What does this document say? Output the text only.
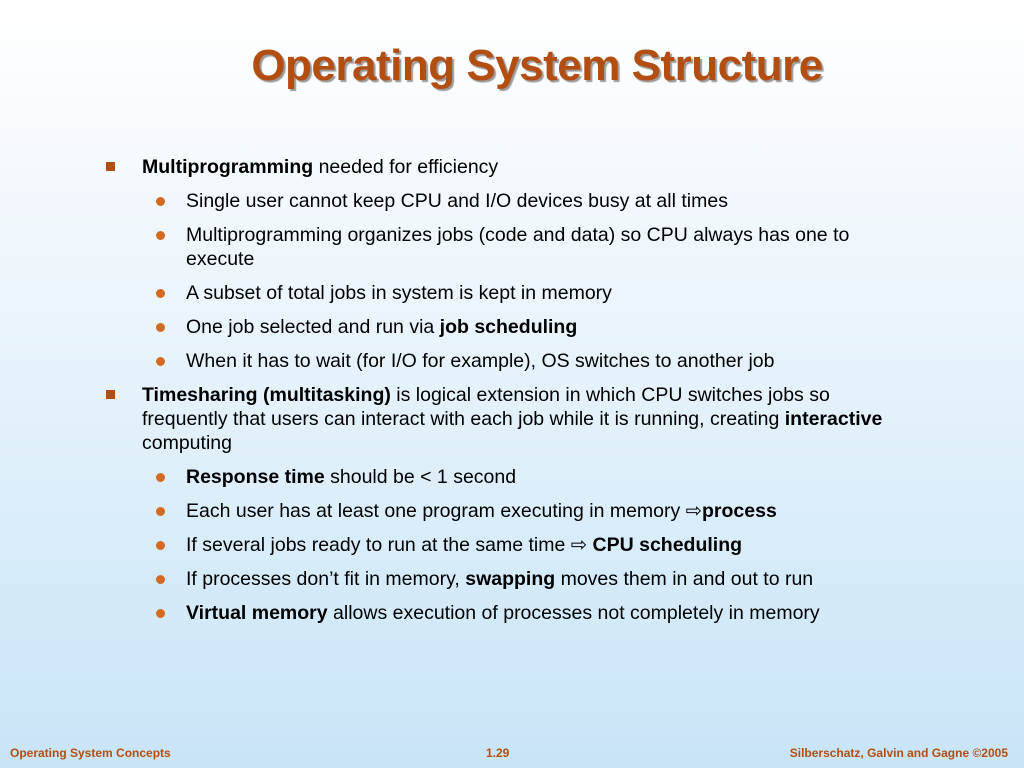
Operating System Structure
Multiprogramming needed for efficiency
Single user cannot keep CPU and I/O devices busy at all times
Multiprogramming organizes jobs (code and data) so CPU always has one to execute
A subset of total jobs in system is kept in memory
One job selected and run via job scheduling
When it has to wait (for I/O for example), OS switches to another job
Timesharing (multitasking) is logical extension in which CPU switches jobs so frequently that users can interact with each job while it is running, creating interactive computing
Response time should be < 1 second
Each user has at least one program executing in memory ⇨process
If several jobs ready to run at the same time ⇨ CPU scheduling
If processes don’t fit in memory, swapping moves them in and out to run
Virtual memory allows execution of processes not completely in memory
Operating System Concepts	1.29	Silberschatz, Galvin and Gagne ©2005
